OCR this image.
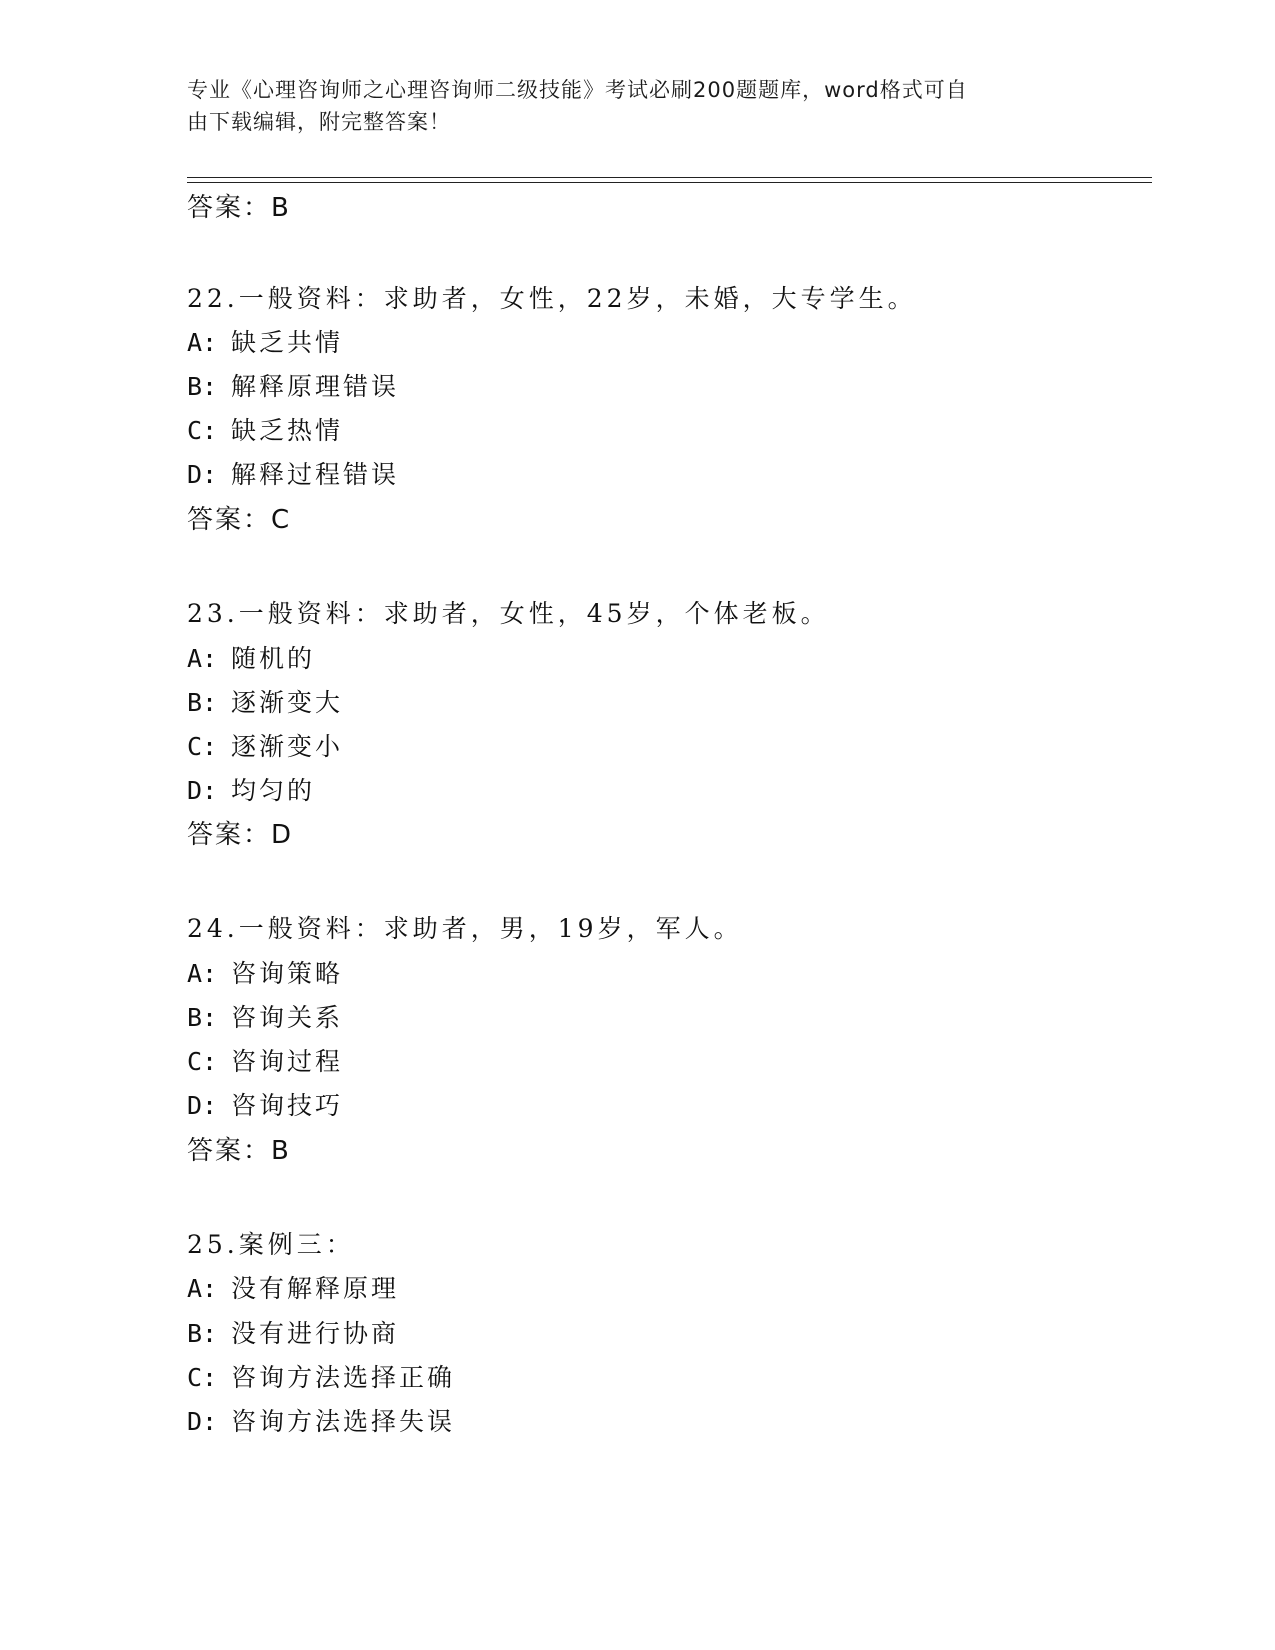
专业《心理咨询师之心理咨询师二级技能》考试必刷200题题库，word格式可自
由下载编辑，附完整答案！
答案：B
22.一般资料：求助者，女性，22岁，未婚，大专学生。
A: 缺乏共情
B: 解释原理错误
C: 缺乏热情
D: 解释过程错误
答案：C
23.一般资料：求助者，女性，45岁，个体老板。
A: 随机的
B: 逐渐变大
C: 逐渐变小
D: 均匀的
答案：D
24.一般资料：求助者，男，19岁，军人。
A: 咨询策略
B: 咨询关系
C: 咨询过程
D: 咨询技巧
答案：B
25.案例三：
A: 没有解释原理
B: 没有进行协商
C: 咨询方法选择正确
D: 咨询方法选择失误
